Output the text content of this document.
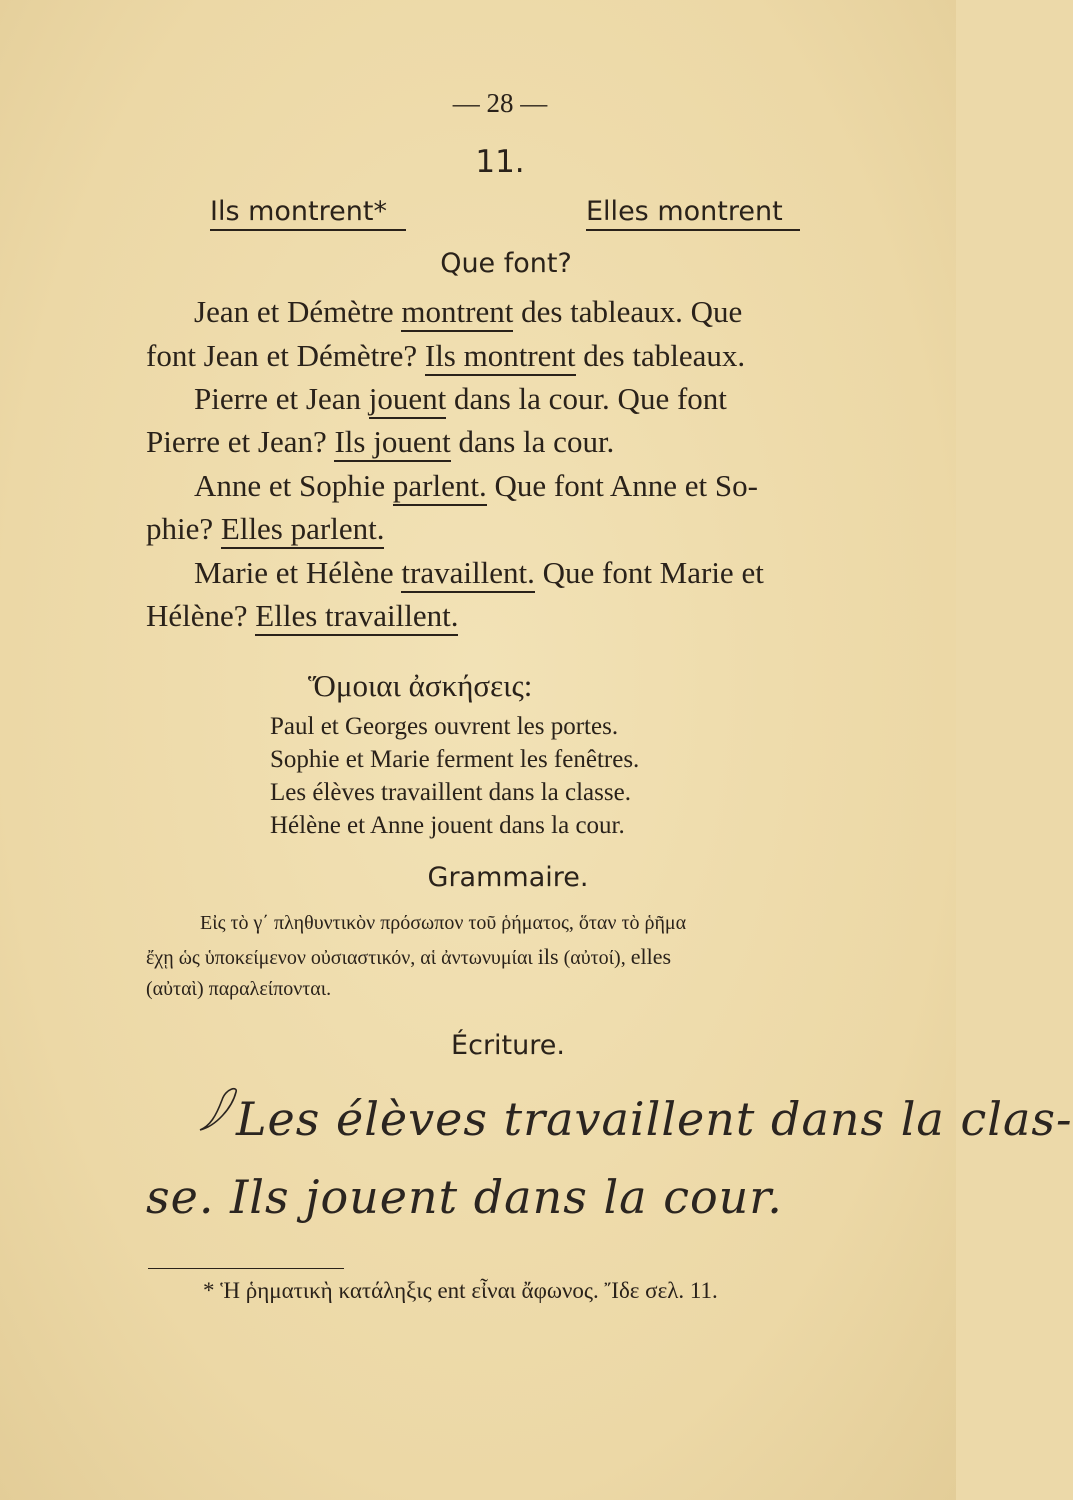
— 28 —
11.
Ils montrent*	Elles montrent
Que font?
Jean et Démètre montrent des tableaux. Que
font Jean et Démètre? Ils montrent des tableaux.
Pierre et Jean jouent dans la cour. Que font
Pierre et Jean? Ils jouent dans la cour.
Anne et Sophie parlent. Que font Anne et So-
phie? Elles parlent.
Marie et Hélène travaillent. Que font Marie et
Hélène? Elles travaillent.
Ὅμοιαι ἀσκήσεις:
Paul et Georges ouvrent les portes.
Sophie et Marie ferment les fenêtres.
Les élèves travaillent dans la classe.
Hélène et Anne jouent dans la cour.
Grammaire.
Εἰς τὸ γ΄ πληθυντικὸν πρόσωπον τοῦ ῥήματος, ὅταν τὸ ῥῆμα
ἔχῃ ὡς ὑποκείμενον οὐσιαστικόν, αἱ ἀντωνυμίαι ils (αὐτοί), elles
(αὐταὶ) παραλείπονται.
Écriture.
Les élèves travaillent dans la clas-
se. Ils jouent dans la cour.
* Ἡ ῥηματικὴ κατάληξις ent εἶναι ἄφωνος. Ἴδε σελ. 11.
